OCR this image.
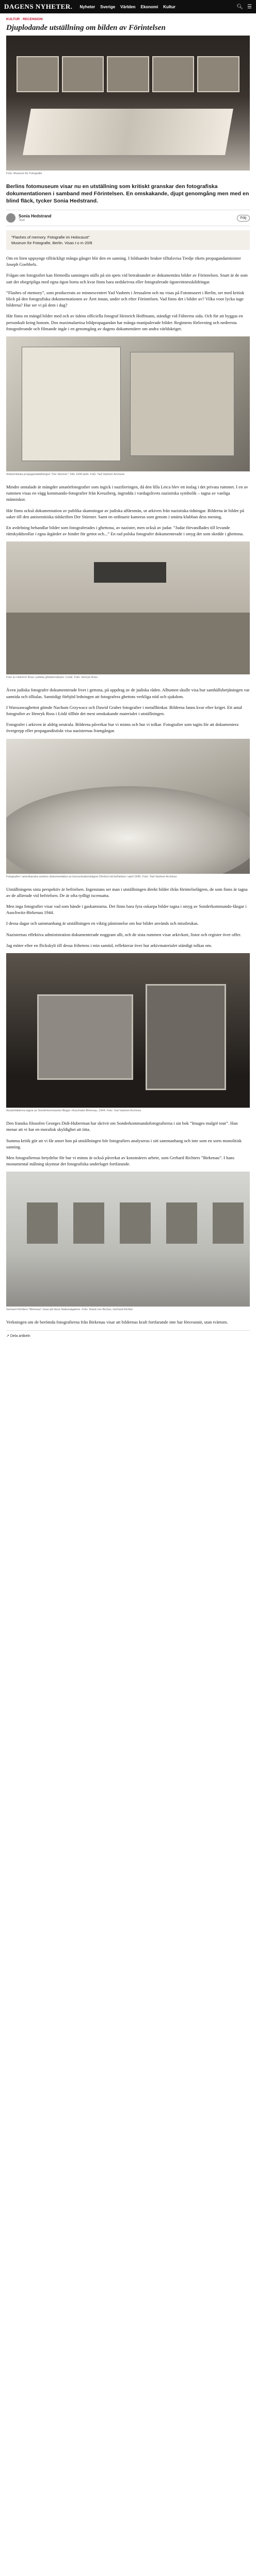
DAGENS NYHETER. Nyheter Sverige Världen Ekonomi Kultur	🔍︎ ☰
KULTUR · RECENSION
Djuplodande utställning om bilden av Förintelsen
Foto: Museum für Fotografie

Berlins fotomuseum visar nu en utställning som kritiskt granskar den fotografiska dokumentationen i samband med Förintelsen. En omskakande, djupt genomgång men med en blind fläck, tycker Sonia Hedstrand.

Sonia Hedstrand
Text
Följ
”Flashes of memory. Fotografie im Holocaust”
Museum für Fotografie, Berlin. Visas t o m 20/8

Om en liten uppsynge tillräckligt många gånger blir den en sanning. I bildsander bruker tilltalsvisa Tredje rikets propagandaminister Joseph Goebbels.

Frågan om fotografiet kan förmedla sanningen ställs på sin spets vid betraktandet av dokumentära bilder av Förintelsen. Snart är de som satt det obegripliga med egna ögon borta och kvar finns bara nedskrivna eller fotograferade ögonvittnesskildringar.

”Flashes of memory”, som producerats av minnescentret Yad Vashem i Jerusalem och nu visas på Fotomuseet i Berlin, ser med kritisk blick på den fotografiska dokumentationen av Året innan, under och efter Förintelsen. Vad finns det i bilder av? Vilka voor lycka tuge bilderna? Hur ser vi på dem i dag?

Här finns en mängd bilder med och av tidens officiella fotograf Heinrich Hoffmann, ständigt vid Führerns sida. Och för att byggas en personkult kring honom. Dos maximalaetisa bildpropagandan har många manipulerade bilder. Regimens förlovning och nedrersta fotograferande och filmande ingår i en genomgång av dagens dokumentärer om andra världskriget.

Antisemitiska propagandatidningen ”Der Stürmer”, från 1930-talet. Foto: Yad Vashem Archives

Mindre omtalade är mängder amatörfotografier som ingick i nazifieringen, då den lilla Leica blev ett inslag i det privata rummet. I en av rummen visas en vägg kommando-fotografier från Kreuzberg, ingrodda i vardagslivets nazistiska symbolik – tagna av vanliga människor.

Här finns också dokumentation av publika skamningar av judiska affärsmän, ur arkiven från nazistiska tidningar. Bilderna är bilder på saker till den antisemitiska tidskriften Der Stürmer. Samt en ordinarie kameras som genom i smärta klubban dess mening.

En avdelning behandlar bilder som fotograferades i ghettona, av nazister, men också av judar. ”Judar förvandlades till levande rättskyddsrollar i egna åtgärder av hinder för gettot och...” En rad polska fotografer dokumenterade i smyg det som skedde i ghettona.

Foto av Heinrich Ross: judiska ghettoinvånare i Łódź. Foto: Henryk Ross

Även judiska fotografer dokumenterade livet i gettona, på uppdrag av de judiska råden. Albumen skulle visa hur samhällsbetjäningen var samtida och tilltalas. Samtidigt förbjöd ledningen att fotografera ghettots verkliga nöd och sjukdom.

I Warszawaghettot gömde Nachum Grzywacz och Dawid Graber fotografier i metallhinkar. Bilderna fanns kvar efter kriget. Ett antal fotografier av Henryk Ross i Łódź tillhör det mest omskakande materialet i utställningen.

Fotografer i arkiven är aldrig neutrala. Bilderna påverkar hur vi minns och hur vi tolkar. Fotografier som tagits för att dokumentera övergrepp eller propagandistiskt visa nazisternas framgångar.

Fotografier i amerikanska arméns dokumentation av koncentrationslägret Ohrdruf vid befrielsen i april 1945. Foto: Yad Vashem Archives

Utställningens sista perspektiv är befrielsen. Ingenstans ser man i utställningen direkt bilder ifrån förintelselägren, de som finns är tagna av de allierade vid befrielsen. De är ofta tydligt iscensatta.

Men inga fotografier visar vad som hände i gaskamrarna. Det finns bara fyra oskarpa bilder tagna i smyg av Sonderkommando-fångar i Auschwitz-Birkenau 1944.

I dessa dagar och sammanhang är utställningen en viktig påminnelse om hur bilder används och missbrukas.

Nazisternas effektiva administration dokumenterade noggrant allt, och de sista rummen visar arkivkort, listor och register över offer.

Jag möter efter en flickskylt till dessa frihetens i min samtid, reflekterar över hur arkivmaterialet ständigt tolkas om.

Amatörbilderna tagna av Sonderkommando-fångar i Auschwitz-Birkenau, 1944. Foto: Yad Vashem Archives

Den franska filosofen Georges Didi-Huberman har skrivit om Sonderkommandofotografierna i sin bok ”Images malgré tout”. Han menar att vi har en moralisk skyldighet att titta.

Summa kritik gör att vi får anser hon på utställningen bör fotografiers analyseras i sitt sammanhang och inte som en sorts monolitisk sanning.

Men fotografiernas betydelse för hur vi minns är också påverkat av konstnärers arbete, som Gerhard Richters ”Birkenau”. I hans monumental målning skymtar det fotografiska underlaget fortfarande.

Gerhard Richters ”Birkenau” visas på Neue Nationalgalerie. Foto: David von Becker, Gerhard Richter

Verkningen om de berömda fotografierna från Birkenau visar att bildernas kraft fortfarande inte har försvunnit, utan tvärtom.

↗ Dela artikeln
